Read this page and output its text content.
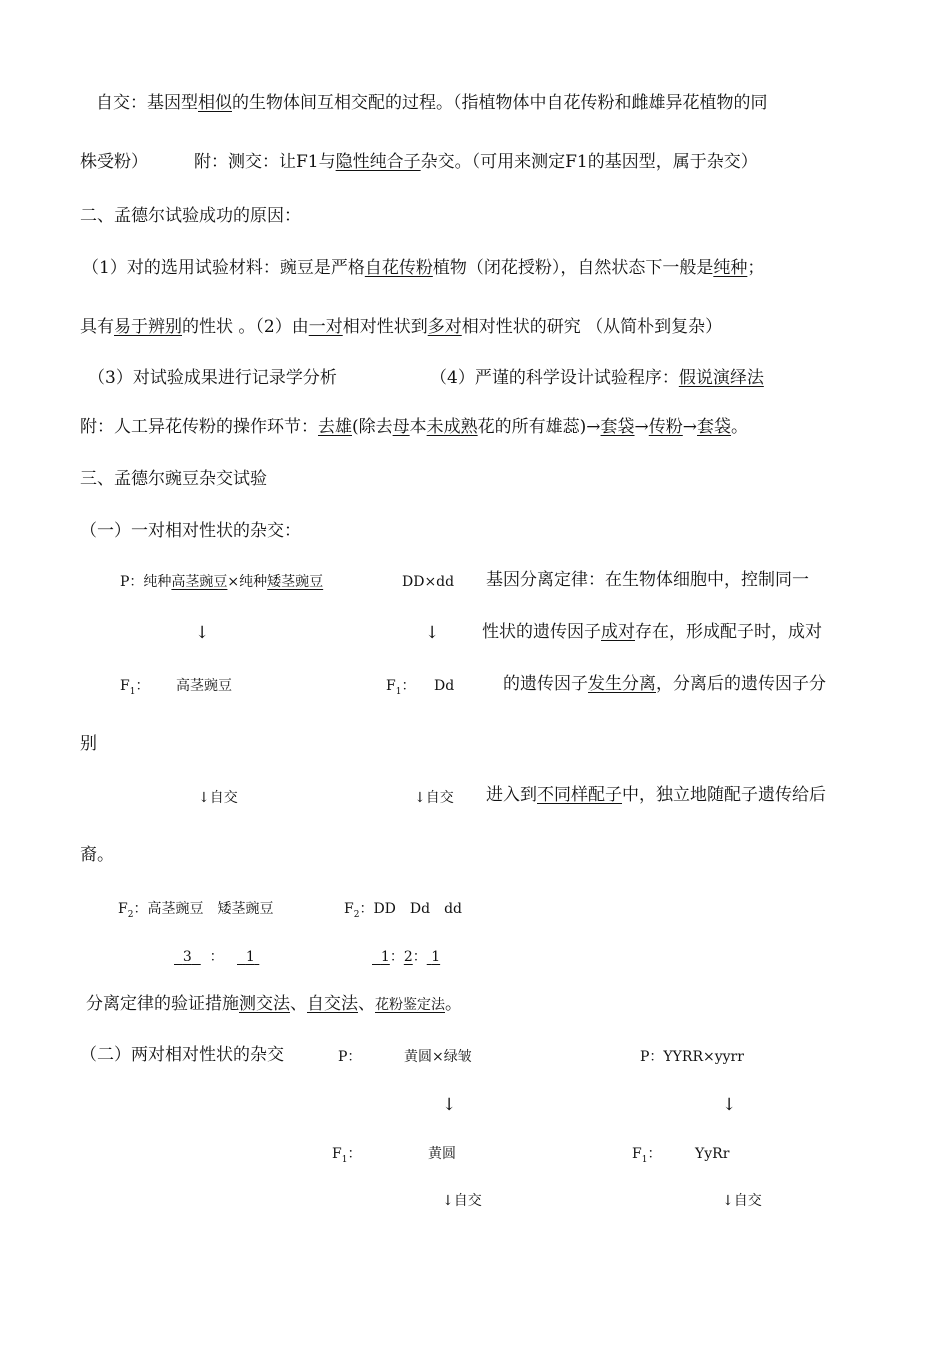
自交：基因型相似的生物体间互相交配的过程。（指植物体中自花传粉和雌雄异花植物的同
株受粉）	附：测交：让F1与隐性纯合子杂交。（可用来测定F1的基因型，属于杂交）
二、孟德尔试验成功的原因：
（1）对的选用试验材料：豌豆是严格自花传粉植物（闭花授粉），自然状态下一般是纯种；
具有易于辨别的性状 。（2）由一对相对性状到多对相对性状的研究 （从简朴到复杂）
（3）对试验成果进行记录学分析	（4）严谨的科学设计试验程序：假说演绎法
附：人工异花传粉的操作环节：去雄(除去母本未成熟花的所有雄蕊)→套袋→传粉→套袋。
三、孟德尔豌豆杂交试验
（一）一对相对性状的杂交：
P：纯种高茎豌豆×纯种矮茎豌豆	DD×dd 基因分离定律：在生物体细胞中，控制同一
↓	↓	性状的遗传因子成对存在，形成配子时，成对
$F_1$： 高茎豌豆	$F_1$： Dd	的遗传因子发生分离，分离后的遗传因子分
别
↓自交	↓自交 进入到不同样配子中，独立地随配子遗传给后
裔。
$F_2$：高茎豌豆　矮茎豌豆	$F_2$：DD　Dd　dd
3 ： 1	1：2： 1
分离定律的验证措施测交法、自交法、花粉鉴定法。
（二）两对相对性状的杂交	P：	黄圆×绿皱	P：YYRR×yyrr
↓	↓
$F_1$：	黄圆	$F_1$： YyRr
↓自交	↓自交
